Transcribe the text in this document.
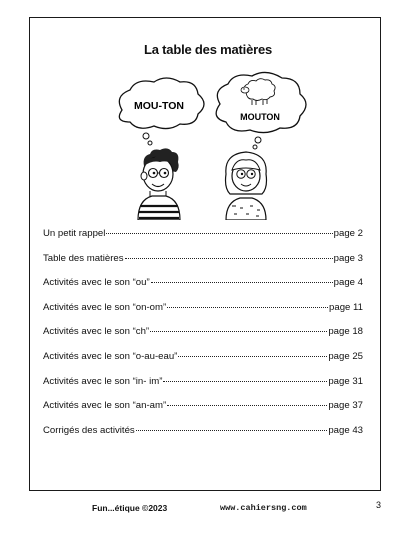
La table des matières
MOU-TON
MOUTON
Un petit rappel	page 2
Table des matières	page 3
Activités avec le son “ou”	page 4
Activités avec le son “on-om”	page 11
Activités avec le son “ch”	page 18
Activités avec le son “o-au-eau”	page 25
Activités avec le son “in- im”	page 31
Activités avec le son “an-am”	page 37
Corrigés des activités	page 43
Fun...étique ©2023	www.cahiersng.com	3
